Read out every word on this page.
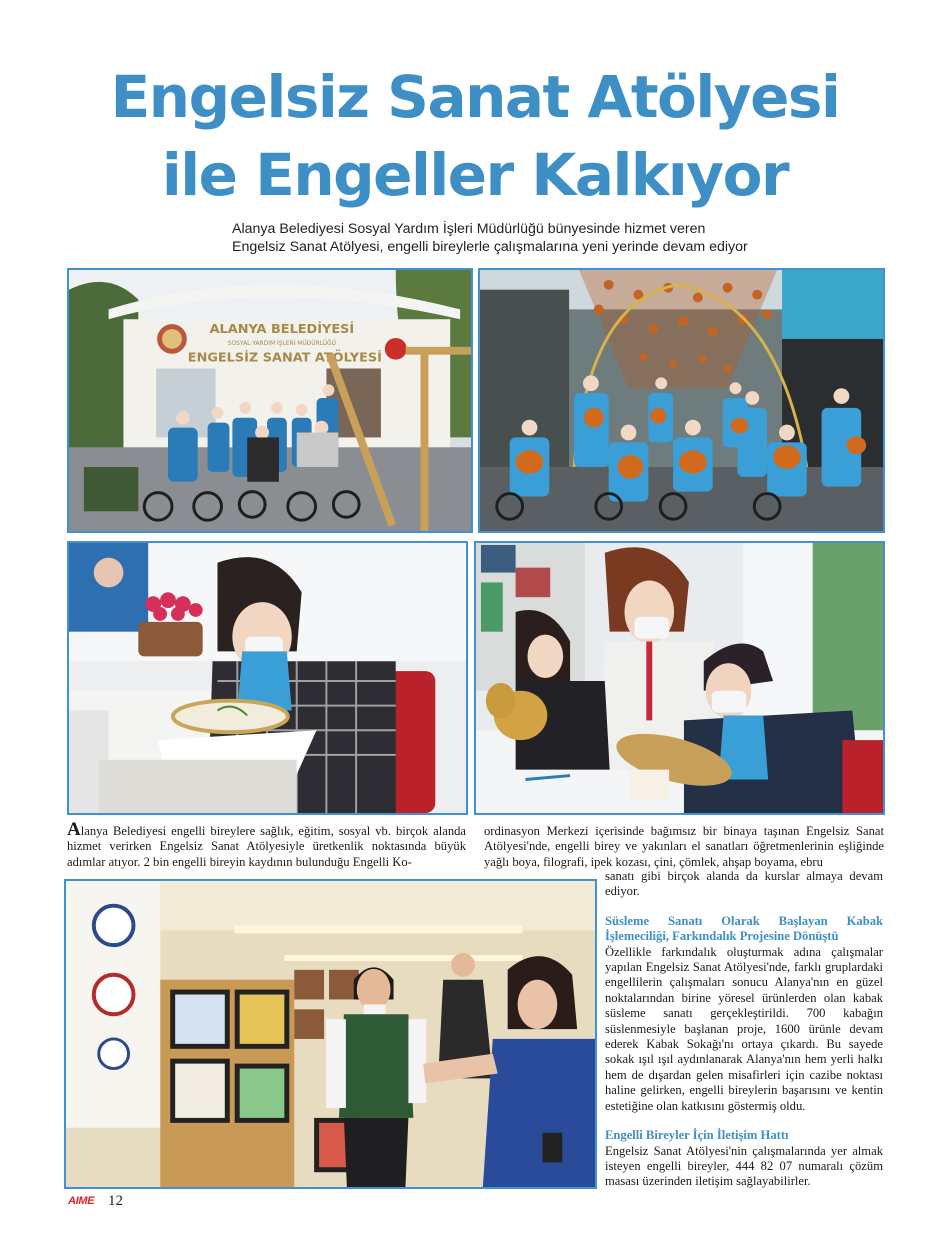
Engelsiz Sanat Atölyesi
ile Engeller Kalkıyor
Alanya Belediyesi Sosyal Yardım İşleri Müdürlüğü bünyesinde hizmet veren
Engelsiz Sanat Atölyesi, engelli bireylerle çalışmalarına yeni yerinde devam ediyor
ALANYA BELEDİYESİ
SOSYAL YARDIM İŞLERİ MÜDÜRLÜĞÜ
ENGELSİZ SANAT ATÖLYESİ
Alanya Belediyesi engelli bireylere sağlık, eğitim, sosyal vb. birçok alanda hizmet verirken Engelsiz Sanat Atölyesiyle üretkenlik noktasında büyük adımlar atıyor. 2 bin engelli bireyin kaydının bulunduğu Engelli Ko-
ordinasyon Merkezi içerisinde bağımsız bir binaya taşınan Engelsiz Sanat Atölyesi'nde, engelli birey ve yakınları el sanatları öğretmenlerinin eşliğinde yağlı boya, filografi, ipek kozası, çini, çömlek, ahşap boyama, ebru
sanatı gibi birçok alanda da kurslar almaya devam ediyor.
Süsleme Sanatı Olarak Başlayan Kabak İşlemeciliği, Farkındalık Projesine Dönüştü
Özellikle farkındalık oluşturmak adına çalışmalar yapılan Engelsiz Sanat Atölyesi'nde, farklı gruplardaki engellilerin çalışmaları sonucu Alanya'nın en güzel noktalarından birine yöresel ürünlerden olan kabak süsleme sanatı gerçekleştirildi. 700 kabağın süslenmesiyle başlanan proje, 1600 ürünle devam ederek Kabak Sokağı'nı ortaya çıkardı. Bu sayede sokak ışıl ışıl aydınlanarak Alanya'nın hem yerli halkı hem de dışardan gelen misafirleri için cazibe noktası haline gelirken, engelli bireylerin başarısını ve kentin estetiğine olan katkısını göstermiş oldu.
Engelli Bireyler İçin İletişim Hattı
Engelsiz Sanat Atölyesi'nin çalışmalarında yer almak isteyen engelli bireyler, 444 82 07 numaralı çözüm masası üzerinden iletişim sağlayabilirler.
AIME 12
